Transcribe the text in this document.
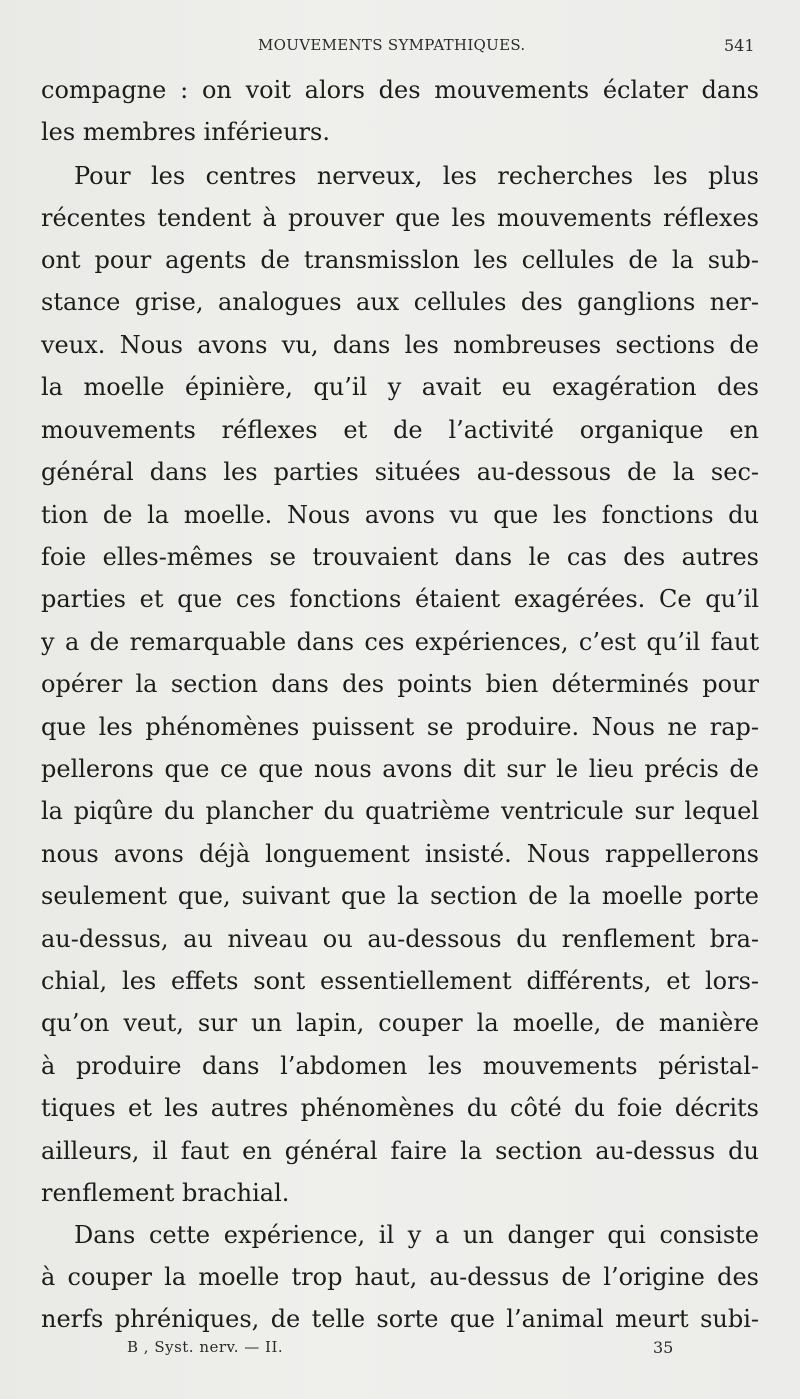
MOUVEMENTS SYMPATHIQUES.	541
compagne : on voit alors des mouvements éclater dans
les membres inférieurs.
Pour les centres nerveux, les recherches les plus
récentes tendent à prouver que les mouvements réflexes
ont pour agents de transmisslon les cellules de la sub-
stance grise, analogues aux cellules des ganglions ner-
veux. Nous avons vu, dans les nombreuses sections de
la moelle épinière, qu’il y avait eu exagération des
mouvements réflexes et de l’activité organique en
général dans les parties situées au-dessous de la sec-
tion de la moelle. Nous avons vu que les fonctions du
foie elles-mêmes se trouvaient dans le cas des autres
parties et que ces fonctions étaient exagérées. Ce qu’il
y a de remarquable dans ces expériences, c’est qu’il faut
opérer la section dans des points bien déterminés pour
que les phénomènes puissent se produire. Nous ne rap-
pellerons que ce que nous avons dit sur le lieu précis de
la piqûre du plancher du quatrième ventricule sur lequel
nous avons déjà longuement insisté. Nous rappellerons
seulement que, suivant que la section de la moelle porte
au-dessus, au niveau ou au-dessous du renflement bra-
chial, les effets sont essentiellement différents, et lors-
qu’on veut, sur un lapin, couper la moelle, de manière
à produire dans l’abdomen les mouvements péristal-
tiques et les autres phénomènes du côté du foie décrits
ailleurs, il faut en général faire la section au-dessus du
renflement brachial.
Dans cette expérience, il y a un danger qui consiste
à couper la moelle trop haut, au-dessus de l’origine des
nerfs phréniques, de telle sorte que l’animal meurt subi-
B , Syst. nerv. — II.	35
